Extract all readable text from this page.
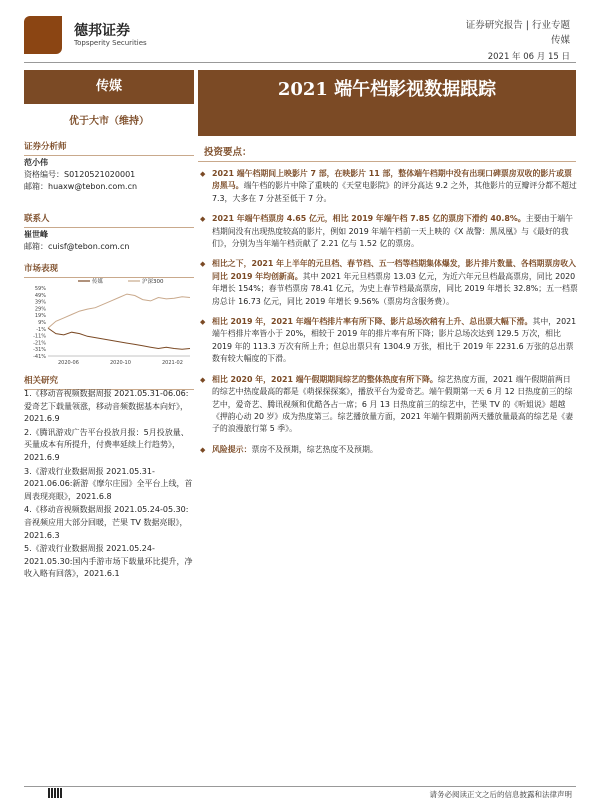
德邦证券
Topsperity Securities
证券研究报告 | 行业专题
传媒
2021 年 06 月 15 日
传媒	2021 端午档影视数据跟踪
优于大市（维持）
证券分析师
范小伟
资格编号：S0120521020001
邮箱：huaxw@tebon.com.cn
联系人
崔世峰
邮箱：cuisf@tebon.com.cn
市场表现
59%
49%
39%
29%
19%
9%
-1%
-11%
-21%
-31%
-41%
2020-06	2020-10	2021-02
传媒	沪深300
相关研究
1.《移动音视频数据周报 2021.05.31-06.06:爱奇艺下载量领涨，移动音频数据基本向好》，2021.6.9
2.《腾讯游戏广告平台投放月报：5月投放量、买量成本有所提升，付费率延续上行趋势》，2021.6.9
3.《游戏行业数据周报 2021.05.31-2021.06.06:新游《摩尔庄园》全平台上线，首周表现亮眼》，2021.6.8
4.《移动音视频数据周报 2021.05.24-05.30:音视频应用大部分回暖，芒果 TV 数据亮眼》，2021.6.3
5.《游戏行业数据周报 2021.05.24-2021.05.30:国内手游市场下载量环比提升，净收入略有回落》，2021.6.1
投资要点：
◆ 2021 端午档期间上映影片 7 部，在映影片 11 部，整体端午档期中没有出现口碑票房双收的影片或票房黑马。端午档的影片中除了重映的《天堂电影院》的评分高达 9.2 之外，其他影片的豆瓣评分都不超过 7.3，大多在 7 分甚至低于 7 分。
◆ 2021 年端午档票房 4.65 亿元，相比 2019 年端午档 7.85 亿的票房下滑约 40.8%。主要由于端午档期间没有出现热度较高的影片，例如 2019 年端午档前一天上映的《X 战警：黑凤凰》与《最好的我们》，分别为当年端午档贡献了 2.21 亿与 1.52 亿的票房。
◆ 相比之下，2021 年上半年的元旦档、春节档、五一档等档期集体爆发，影片排片数量、各档期票房收入同比 2019 年均创新高。其中 2021 年元旦档票房 13.03 亿元，为近六年元旦档最高票房，同比 2020 年增长 154%；春节档票房 78.41 亿元，为史上春节档最高票房，同比 2019 年增长 32.8%；五一档票房总计 16.73 亿元，同比 2019 年增长 9.56%（票房均含服务费）。
◆ 相比 2019 年，2021 年端午档排片率有所下降、影片总场次稍有上升、总出票大幅下滑。其中，2021 端午档排片率皆小于 20%，相较于 2019 年的排片率有所下降；影片总场次达到 129.5 万次，相比 2019 年的 113.3 万次有所上升；但总出票只有 1304.9 万张，相比于 2019 年 2231.6 万张的总出票数有较大幅度的下滑。
◆ 相比 2020 年，2021 端午假期期间综艺的整体热度有所下降。综艺热度方面，2021 端午假期前两日的综艺中热度最高的都是《萌探探探案》，播放平台为爱奇艺。端午假期第一天 6 月 12 日热度前三的综艺中，爱奇艺、腾讯视频和优酷各占一席；6 月 13 日热度前三的综艺中，芒果 TV 的《听姐说》超越《押韵心动 20 岁》成为热度第三。综艺播放量方面，2021 年端午假期前两天播放量最高的综艺是《妻子的浪漫旅行第 5 季》。
◆ 风险提示：票房不及预期，综艺热度不及预期。
请务必阅读正文之后的信息披露和法律声明
